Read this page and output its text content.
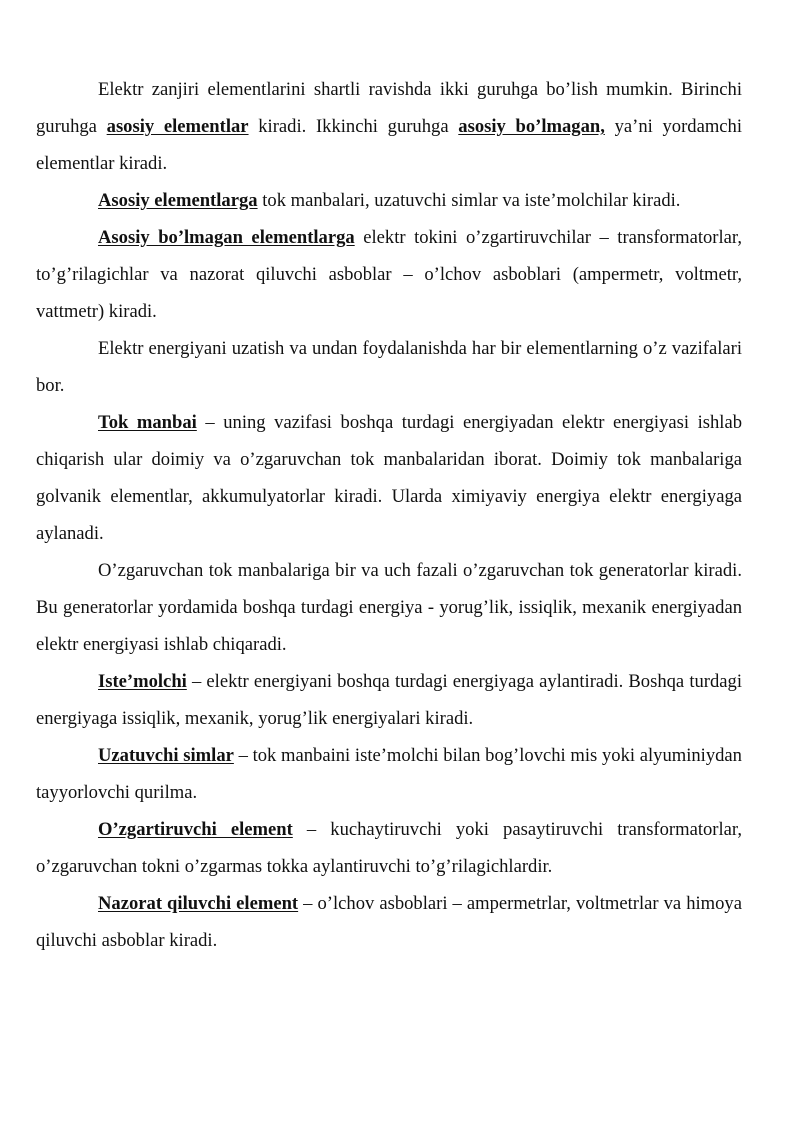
Elektr zanjiri elementlarini shartli ravishda ikki guruhga bo’lish mumkin. Birinchi guruhga asosiy elementlar kiradi. Ikkinchi guruhga asosiy bo’lmagan, ya’ni yordamchi elementlar kiradi.

Asosiy elementlarga tok manbalari, uzatuvchi simlar va iste’molchilar kiradi.

Asosiy bo’lmagan elementlarga elektr tokini o’zgartiruvchilar – transformatorlar, to’g’rilagichlar va nazorat qiluvchi asboblar – o’lchov asboblari (ampermetr, voltmetr, vattmetr) kiradi.

Elektr energiyani uzatish va undan foydalanishda har bir elementlarning o’z vazifalari bor.

Tok manbai – uning vazifasi boshqa turdagi energiyadan elektr energiyasi ishlab chiqarish ular doimiy va o’zgaruvchan tok manbalaridan iborat. Doimiy tok manbalariga golvanik elementlar, akkumulyatorlar kiradi. Ularda ximiyaviy energiya elektr energiyaga aylanadi.

O’zgaruvchan tok manbalariga bir va uch fazali o’zgaruvchan tok generatorlar kiradi. Bu generatorlar yordamida boshqa turdagi energiya - yorug’lik, issiqlik, mexanik energiyadan elektr energiyasi ishlab chiqaradi.

Iste’molchi – elektr energiyani boshqa turdagi energiyaga aylantiradi. Boshqa turdagi energiyaga issiqlik, mexanik, yorug’lik energiyalari kiradi.

Uzatuvchi simlar – tok manbaini iste’molchi bilan bog’lovchi mis yoki alyuminiydan tayyorlovchi qurilma.

O’zgartiruvchi element – kuchaytiruvchi yoki pasaytiruvchi transformatorlar, o’zgaruvchan tokni o’zgarmas tokka aylantiruvchi to’g’rilagichlardir.

Nazorat qiluvchi element – o’lchov asboblari – ampermetrlar, voltmetrlar va himoya qiluvchi asboblar kiradi.
